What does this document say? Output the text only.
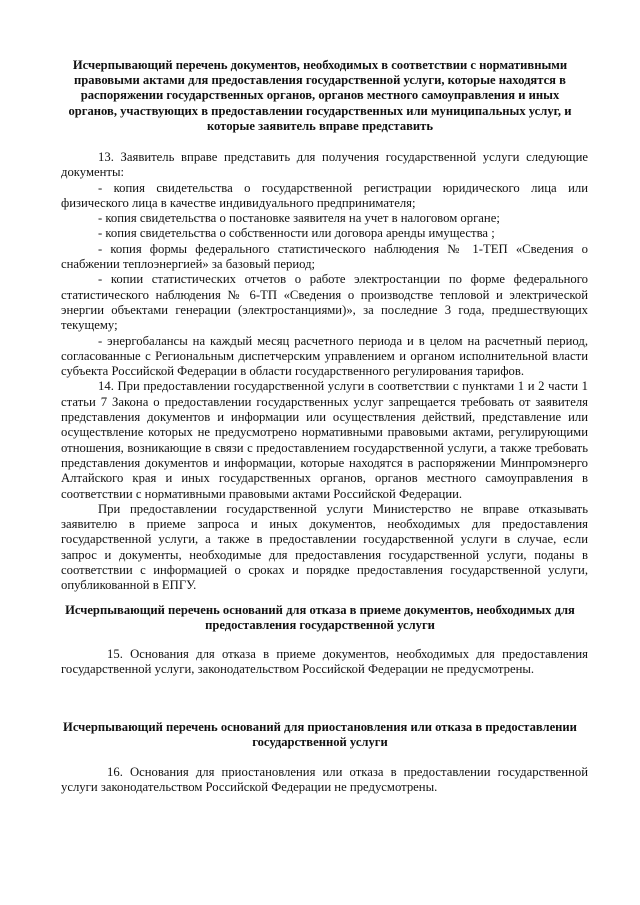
Исчерпывающий перечень документов, необходимых в соответствии с нормативными правовыми актами для предоставления государственной услуги, которые находятся в распоряжении государственных органов, органов местного самоуправления и иных органов, участвующих в предоставлении государственных или муниципальных услуг, и которые заявитель вправе представить

13. Заявитель вправе представить для получения государственной услуги следующие документы:

- копия свидетельства о государственной регистрации юридического лица или физического лица в качестве индивидуального предпринимателя;

- копия свидетельства о постановке заявителя на учет в налоговом органе;

- копия свидетельства о собственности или договора аренды имущества ;

- копия формы федерального статистического наблюдения № 1-ТЕП «Сведения о снабжении теплоэнергией» за базовый период;

- копии статистических отчетов о работе электростанции по форме федерального статистического наблюдения № 6-ТП «Сведения о производстве тепловой и электрической энергии объектами генерации (электростанциями)», за последние 3 года, предшествующих текущему;

- энергобалансы на каждый месяц расчетного периода и в целом на расчетный период, согласованные с Региональным диспетчерским управлением и органом исполнительной власти субъекта Российской Федерации в области государственного регулирования тарифов.

14. При предоставлении государственной услуги в соответствии с пунктами 1 и 2 части 1 статьи 7 Закона о предоставлении государственных услуг запрещается требовать от заявителя представления документов и информации или осуществления действий, представление или осуществление которых не предусмотрено нормативными правовыми актами, регулирующими отношения, возникающие в связи с предоставлением государственной услуги, а также требовать представления документов и информации, которые находятся в распоряжении Минпромэнерго Алтайского края и иных государственных органов, органов местного самоуправления в соответствии с нормативными правовыми актами Российской Федерации.

При предоставлении государственной услуги Министерство не вправе отказывать заявителю в приеме запроса и иных документов, необходимых для предоставления государственной услуги, а также в предоставлении государственной услуги в случае, если запрос и документы, необходимые для предоставления государственной услуги, поданы в соответствии с информацией о сроках и порядке предоставления государственной услуги, опубликованной в ЕПГУ.

Исчерпывающий перечень оснований для отказа в приеме документов, необходимых для предоставления государственной услуги

15. Основания для отказа в приеме документов, необходимых для предоставления государственной услуги, законодательством Российской Федерации не предусмотрены.

Исчерпывающий перечень оснований для приостановления или отказа в предоставлении государственной услуги

16. Основания для приостановления или отказа в предоставлении государственной услуги законодательством Российской Федерации не предусмотрены.
